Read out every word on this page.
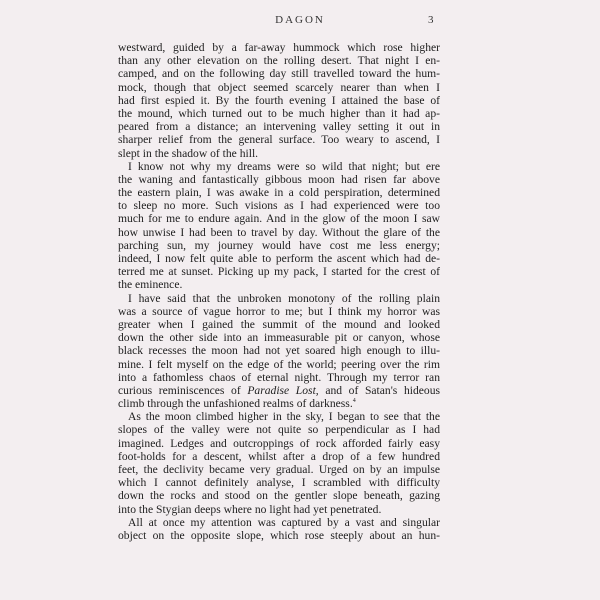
DAGON	3
westward, guided by a far-away hummock which rose higher
than any other elevation on the rolling desert. That night I en-
camped, and on the following day still travelled toward the hum-
mock, though that object seemed scarcely nearer than when I
had first espied it. By the fourth evening I attained the base of
the mound, which turned out to be much higher than it had ap-
peared from a distance; an intervening valley setting it out in
sharper relief from the general surface. Too weary to ascend, I
slept in the shadow of the hill.
I know not why my dreams were so wild that night; but ere
the waning and fantastically gibbous moon had risen far above
the eastern plain, I was awake in a cold perspiration, determined
to sleep no more. Such visions as I had experienced were too
much for me to endure again. And in the glow of the moon I saw
how unwise I had been to travel by day. Without the glare of the
parching sun, my journey would have cost me less energy;
indeed, I now felt quite able to perform the ascent which had de-
terred me at sunset. Picking up my pack, I started for the crest of
the eminence.
I have said that the unbroken monotony of the rolling plain
was a source of vague horror to me; but I think my horror was
greater when I gained the summit of the mound and looked
down the other side into an immeasurable pit or canyon, whose
black recesses the moon had not yet soared high enough to illu-
mine. I felt myself on the edge of the world; peering over the rim
into a fathomless chaos of eternal night. Through my terror ran
curious reminiscences of Paradise Lost, and of Satan's hideous
climb through the unfashioned realms of darkness.$^4$
As the moon climbed higher in the sky, I began to see that the
slopes of the valley were not quite so perpendicular as I had
imagined. Ledges and outcroppings of rock afforded fairly easy
foot-holds for a descent, whilst after a drop of a few hundred
feet, the declivity became very gradual. Urged on by an impulse
which I cannot definitely analyse, I scrambled with difficulty
down the rocks and stood on the gentler slope beneath, gazing
into the Stygian deeps where no light had yet penetrated.
All at once my attention was captured by a vast and singular
object on the opposite slope, which rose steeply about an hun-
